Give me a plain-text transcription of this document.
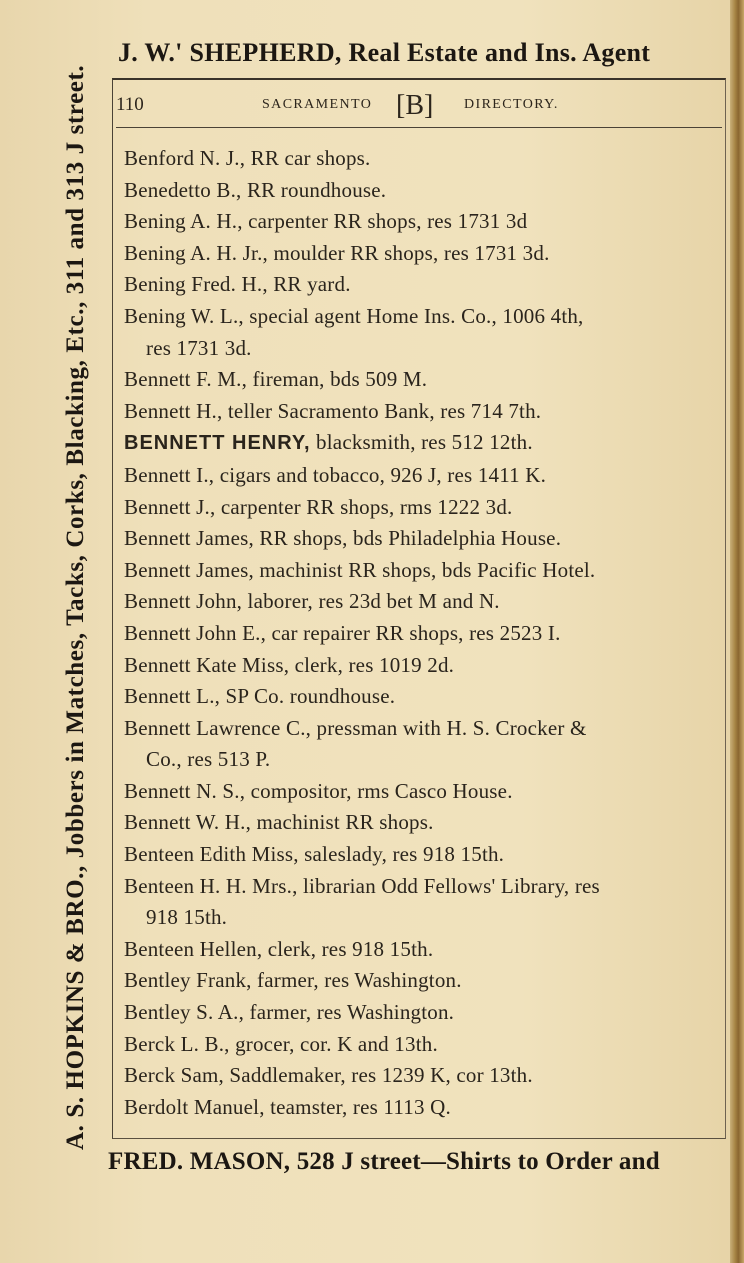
J. W.' SHEPHERD, Real Estate and Ins. Agent
A. S. HOPKINS & BRO., Jobbers in Matches, Tacks, Corks, Blacking, Etc., 311 and 313 J street.	110	SACRAMENTO [B] DIRECTORY.
Benford N. J., RR car shops.
Benedetto B., RR roundhouse.
Bening A. H., carpenter RR shops, res 1731 3d
Bening A. H. Jr., moulder RR shops, res 1731 3d.
Bening Fred. H., RR yard.
Bening W. L., special agent Home Ins. Co., 1006 4th,
res 1731 3d.
Bennett F. M., fireman, bds 509 M.
Bennett H., teller Sacramento Bank, res 714 7th.
BENNETT HENRY, blacksmith, res 512 12th.
Bennett I., cigars and tobacco, 926 J, res 1411 K.
Bennett J., carpenter RR shops, rms 1222 3d.
Bennett James, RR shops, bds Philadelphia House.
Bennett James, machinist RR shops, bds Pacific Hotel.
Bennett John, laborer, res 23d bet M and N.
Bennett John E., car repairer RR shops, res 2523 I.
Bennett Kate Miss, clerk, res 1019 2d.
Bennett L., SP Co. roundhouse.
Bennett Lawrence C., pressman with H. S. Crocker &
Co., res 513 P.
Bennett N. S., compositor, rms Casco House.
Bennett W. H., machinist RR shops.
Benteen Edith Miss, saleslady, res 918 15th.
Benteen H. H. Mrs., librarian Odd Fellows' Library, res
918 15th.
Benteen Hellen, clerk, res 918 15th.
Bentley Frank, farmer, res Washington.
Bentley S. A., farmer, res Washington.
Berck L. B., grocer, cor. K and 13th.
Berck Sam, Saddlemaker, res 1239 K, cor 13th.
Berdolt Manuel, teamster, res 1113 Q.
FRED. MASON, 528 J street—Shirts to Order and
